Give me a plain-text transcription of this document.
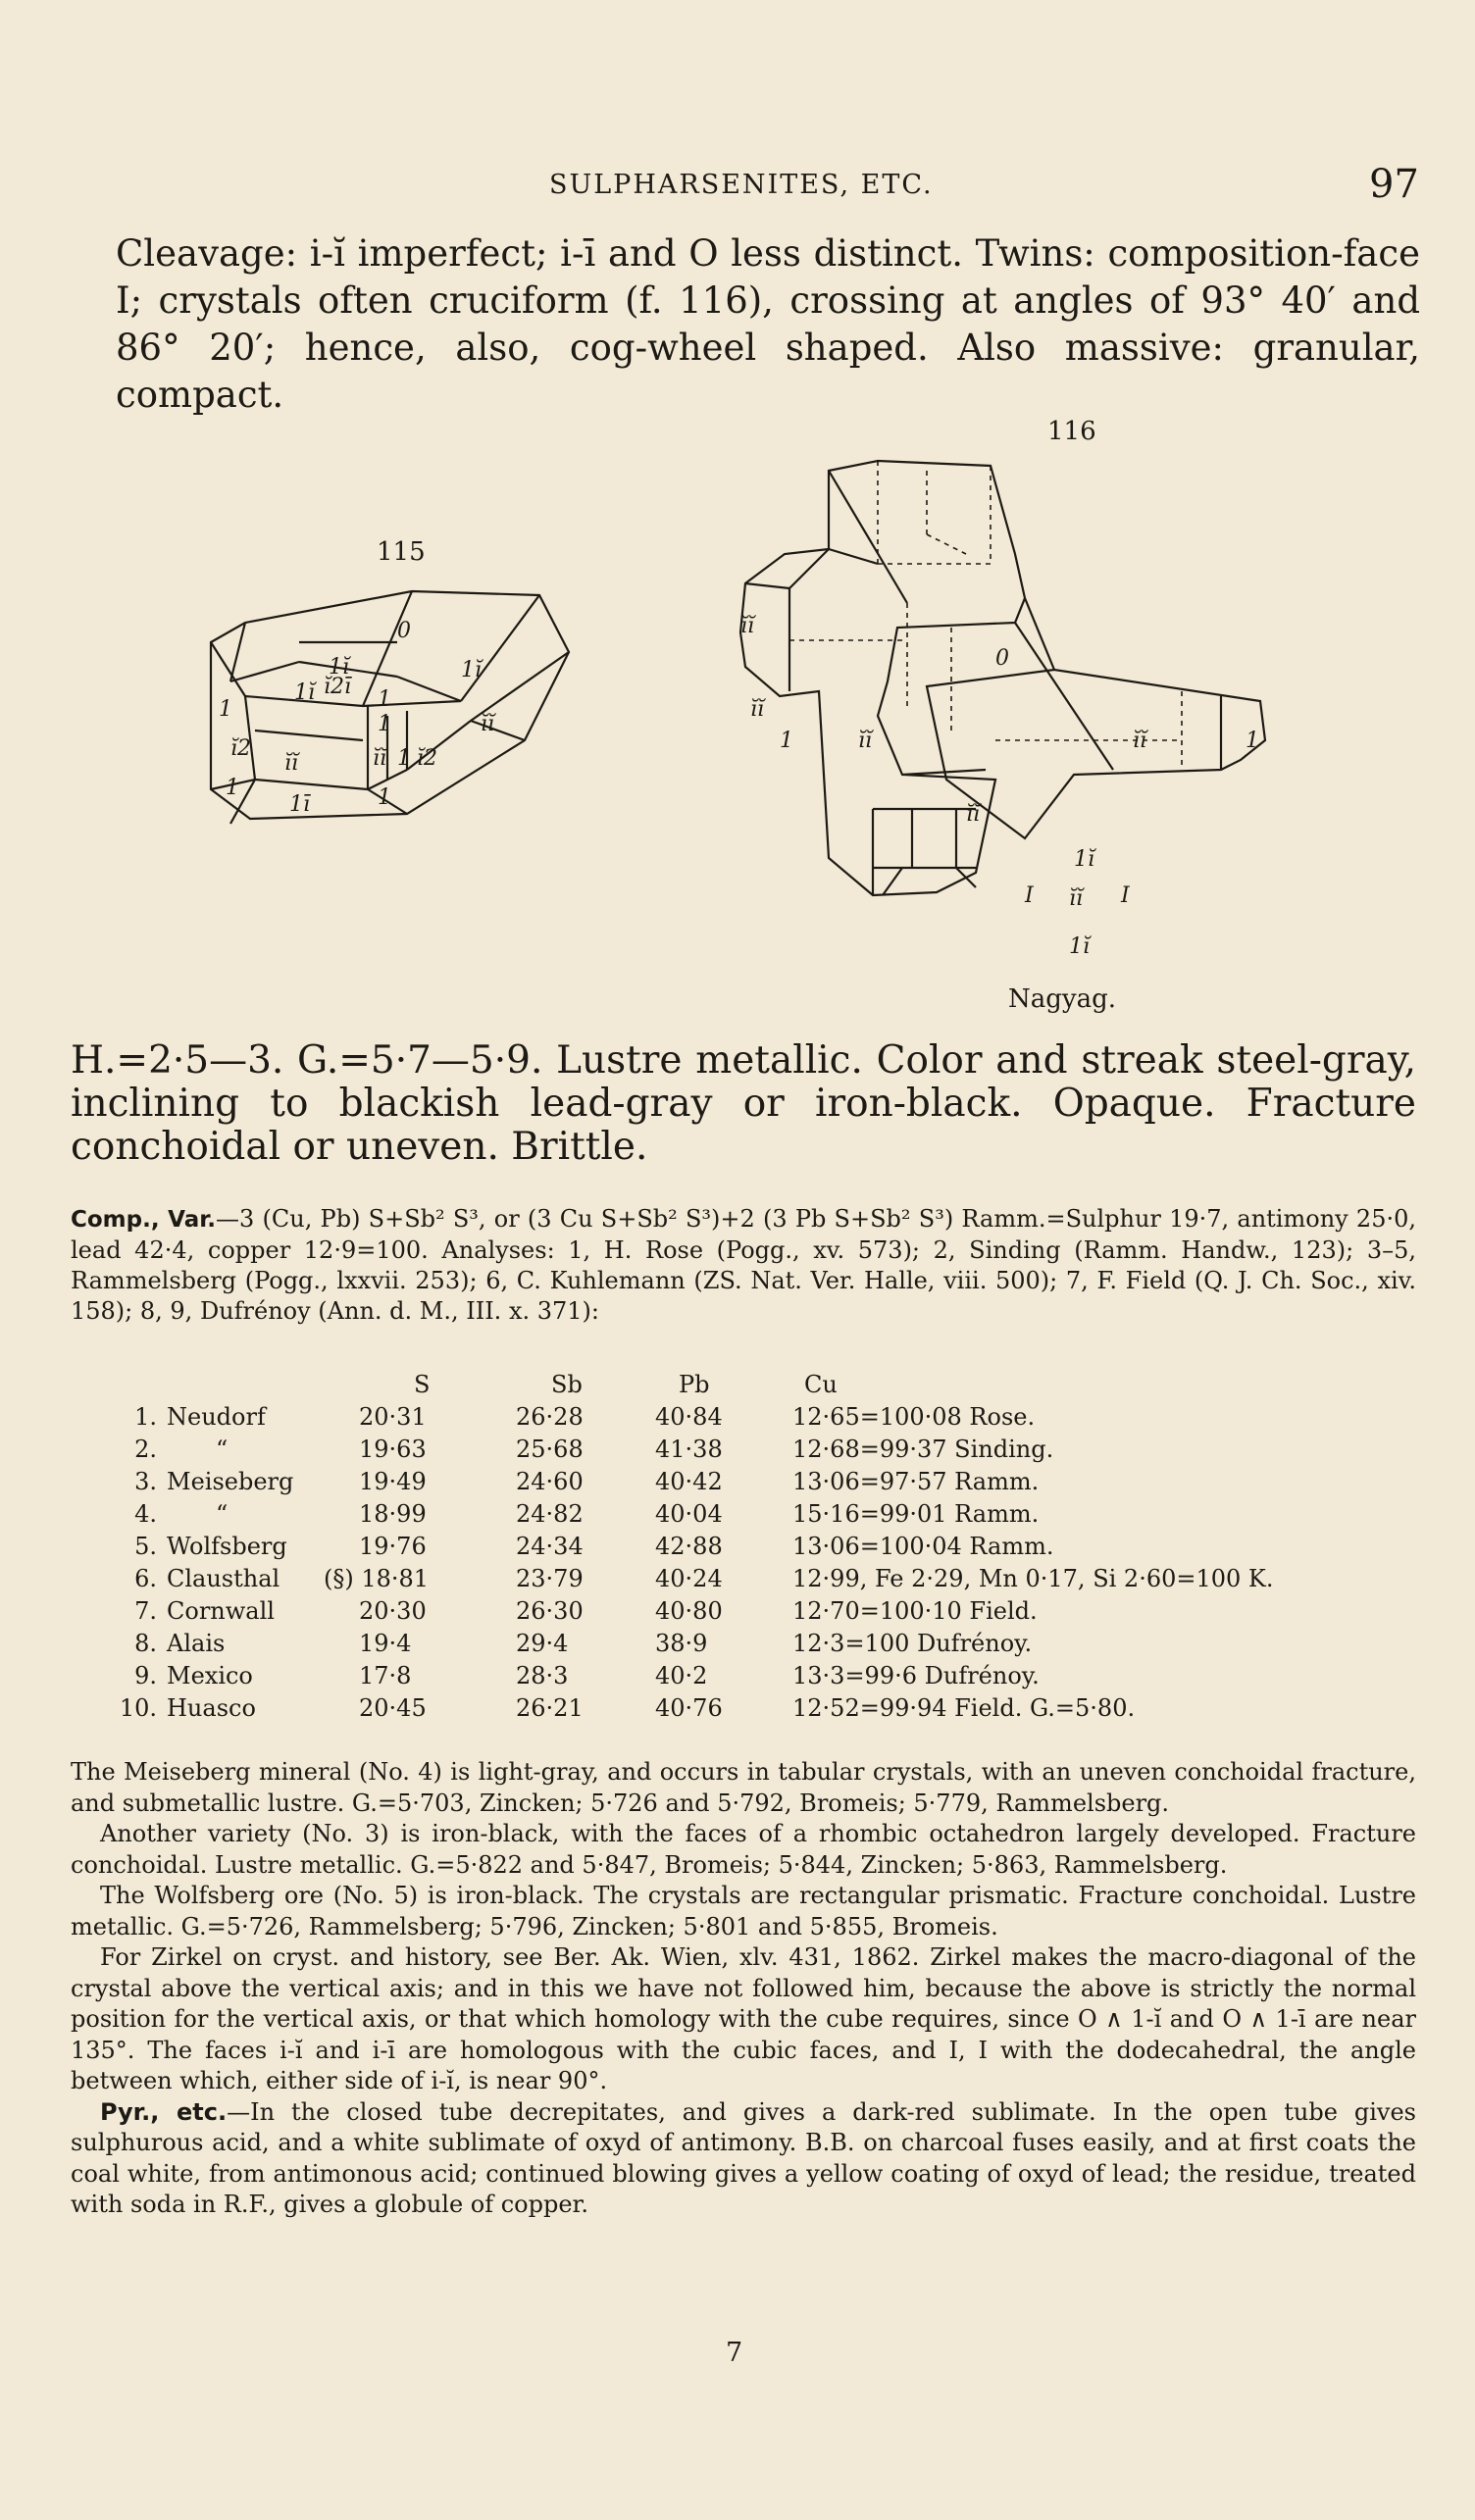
SULPHARSENITES, ETC.	97
Cleavage: i-ĭ imperfect; i-ī and O less distinct. Twins: composition-face I; crystals often cruciform (f. 116), crossing at angles of 93° 40′ and 86° 20′; hence, also, cog-wheel shaped. Also massive: granular, compact.
115
0
1ĭ
ĭĭ
1
1
ĭĭ	ĭĭ
1
ĭ2	1 ĭ2
1
1ī
1
1ĭ
1ĭ
ĭ2ī
116
0
ĭĭ
ĭĭ	ĭĭ
1	1
ĭĭ
1ĭ
I ĭĭ I
1ĭ
ĭĭ
Nagyag.

H.=2·5—3. G.=5·7—5·9. Lustre metallic. Color and streak steel-gray, inclining to blackish lead-gray or iron-black. Opaque. Fracture conchoidal or uneven. Brittle.

Comp., Var.—3 (Cu, Pb) S+Sb² S³, or (3 Cu S+Sb² S³)+2 (3 Pb S+Sb² S³) Ramm.=Sulphur 19·7, antimony 25·0, lead 42·4, copper 12·9=100. Analyses: 1, H. Rose (Pogg., xv. 573); 2, Sinding (Ramm. Handw., 123); 3–5, Rammelsberg (Pogg., lxxvii. 253); 6, C. Kuhlemann (ZS. Nat. Ver. Halle, viii. 500); 7, F. Field (Q. J. Ch. Soc., xiv. 158); 8, 9, Dufrénoy (Ann. d. M., III. x. 371):
S	Sb	Pb	Cu
1. Neudorf	20·31	26·28	40·84	12·65=100·08 Rose.
2.	“	19·63	25·68	41·38	12·68=99·37 Sinding.
3. Meiseberg	19·49	24·60	40·42	13·06=97·57 Ramm.
4.	“	18·99	24·82	40·04	15·16=99·01 Ramm.
5. Wolfsberg	19·76	24·34	42·88	13·06=100·04 Ramm.
6. Clausthal (§) 18·81	23·79	40·24	12·99, Fe 2·29, Mn 0·17, Si 2·60=100 K.
7. Cornwall	20·30	26·30	40·80	12·70=100·10 Field.
8. Alais	19·4	29·4	38·9	12·3=100 Dufrénoy.
9. Mexico	17·8	28·3	40·2	13·3=99·6 Dufrénoy.
10. Huasco	20·45	26·21	40·76	12·52=99·94 Field. G.=5·80.

The Meiseberg mineral (No. 4) is light-gray, and occurs in tabular crystals, with an uneven conchoidal fracture, and submetallic lustre. G.=5·703, Zincken; 5·726 and 5·792, Bromeis; 5·779, Rammelsberg.

Another variety (No. 3) is iron-black, with the faces of a rhombic octahedron largely developed. Fracture conchoidal. Lustre metallic. G.=5·822 and 5·847, Bromeis; 5·844, Zincken; 5·863, Rammelsberg.

The Wolfsberg ore (No. 5) is iron-black. The crystals are rectangular prismatic. Fracture conchoidal. Lustre metallic. G.=5·726, Rammelsberg; 5·796, Zincken; 5·801 and 5·855, Bromeis.

For Zirkel on cryst. and history, see Ber. Ak. Wien, xlv. 431, 1862. Zirkel makes the macro-diagonal of the crystal above the vertical axis; and in this we have not followed him, because the above is strictly the normal position for the vertical axis, or that which homology with the cube requires, since O ∧ 1-ĭ and O ∧ 1-ī are near 135°. The faces i-ĭ and i-ī are homologous with the cubic faces, and I, I with the dodecahedral, the angle between which, either side of i-ĭ, is near 90°.

Pyr., etc.—In the closed tube decrepitates, and gives a dark-red sublimate. In the open tube gives sulphurous acid, and a white sublimate of oxyd of antimony. B.B. on charcoal fuses easily, and at first coats the coal white, from antimonous acid; continued blowing gives a yellow coating of oxyd of lead; the residue, treated with soda in R.F., gives a globule of copper.

7
